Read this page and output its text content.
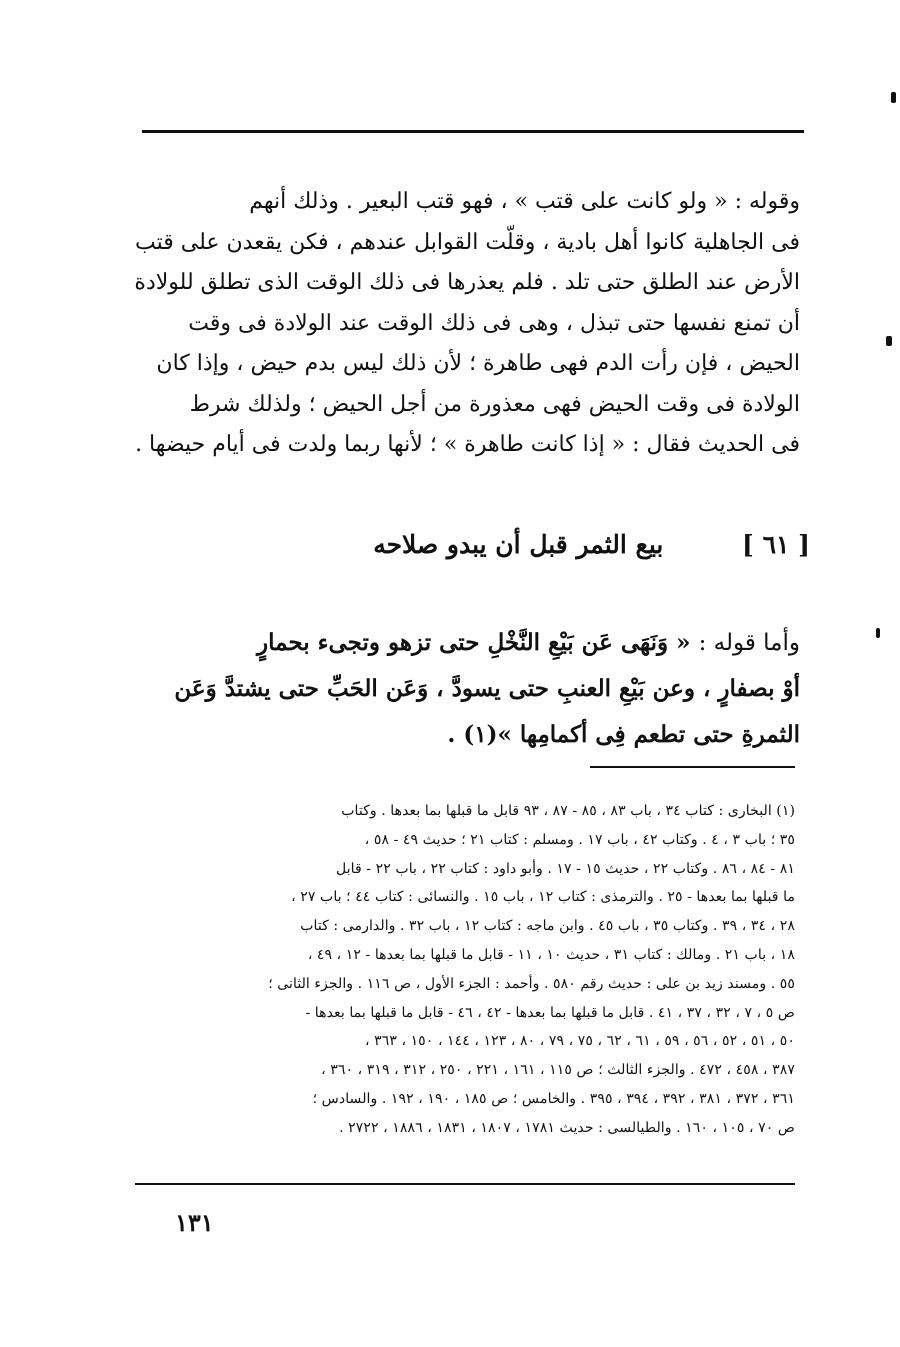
وقوله : « ولو كانت على قتب » ، فهو قتب البعير . وذلك أنهم
فى الجاهلية كانوا أهل بادية ، وقلّت القوابل عندهم ، فكن يقعدن على قتب
الأرض عند الطلق حتى تلد . فلم يعذرها فى ذلك الوقت الذى تطلق للولادة
أن تمنع نفسها حتى تبذل ، وهى فى ذلك الوقت عند الولادة فى وقت
الحيض ، فإن رأت الدم فهى طاهرة ؛ لأن ذلك ليس بدم حيض ، وإذا كان
الولادة فى وقت الحيض فهى معذورة من أجل الحيض ؛ ولذلك شرط
فى الحديث فقال : « إذا كانت طاهرة » ؛ لأنها ربما ولدت فى أيام حيضها .
[ ٦١ ] بيع الثمر قبل أن يبدو صلاحه
وأما قوله : « وَنَهَى عَن بَيْعِ النَّخْلِ حتى تزهو وتجىء بحمارٍ
أوْ بصفارٍ ، وعن بَيْعِ العنبِ حتى يسودَّ ، وَعَن الحَبِّ حتى يشتدَّ وَعَن
الثمرةِ حتى تطعم فِى أكمامِها »(١) .
(١) البخارى : كتاب ٣٤ ، باب ٨٣ ، ٨٥ - ٨٧ ، ٩٣ قابل ما قبلها بما بعدها . وكتاب
٣٥ ؛ باب ٣ ، ٤ . وكتاب ٤٢ ، باب ١٧ . ومسلم : كتاب ٢١ ؛ حديث ٤٩ - ٥٨ ،
٨١ - ٨٤ ، ٨٦ . وكتاب ٢٢ ، حديث ١٥ - ١٧ . وأبو داود : كتاب ٢٢ ، باب ٢٢ - قابل
ما قبلها بما بعدها - ٢٥ . والترمذى : كتاب ١٢ ، باب ١٥ . والنسائى : كتاب ٤٤ ؛ باب ٢٧ ،
٢٨ ، ٣٤ ، ٣٩ . وكتاب ٣٥ ، باب ٤٥ . وابن ماجه : كتاب ١٢ ، باب ٣٢ . والدارمى : كتاب
١٨ ، باب ٢١ . ومالك : كتاب ٣١ ، حديث ١٠ ، ١١ - قابل ما قبلها بما بعدها - ١٢ ، ٤٩ ،
٥٥ . ومسند زيد بن على : حديث رقم ٥٨٠ . وأحمد : الجزء الأول ، ص ١١٦ . والجزء الثانى ؛
ص ٥ ، ٧ ، ٣٢ ، ٣٧ ، ٤١ . قابل ما قبلها بما بعدها - ٤٢ ، ٤٦ - قابل ما قبلها بما بعدها -
٥٠ ، ٥١ ، ٥٢ ، ٥٦ ، ٥٩ ، ٦١ ، ٦٢ ، ٧٥ ، ٧٩ ، ٨٠ ، ١٢٣ ، ١٤٤ ، ١٥٠ ، ٣٦٣ ،
٣٨٧ ، ٤٥٨ ، ٤٧٢ . والجزء الثالث ؛ ص ١١٥ ، ١٦١ ، ٢٢١ ، ٢٥٠ ، ٣١٢ ، ٣١٩ ، ٣٦٠ ،
٣٦١ ، ٣٧٢ ، ٣٨١ ، ٣٩٢ ، ٣٩٤ ، ٣٩٥ . والخامس ؛ ص ١٨٥ ، ١٩٠ ، ١٩٢ . والسادس ؛
ص ٧٠ ، ١٠٥ ، ١٦٠ . والطيالسى : حديث ١٧٨١ ، ١٨٠٧ ، ١٨٣١ ، ١٨٨٦ ، ٢٧٢٢ .
١٣١
